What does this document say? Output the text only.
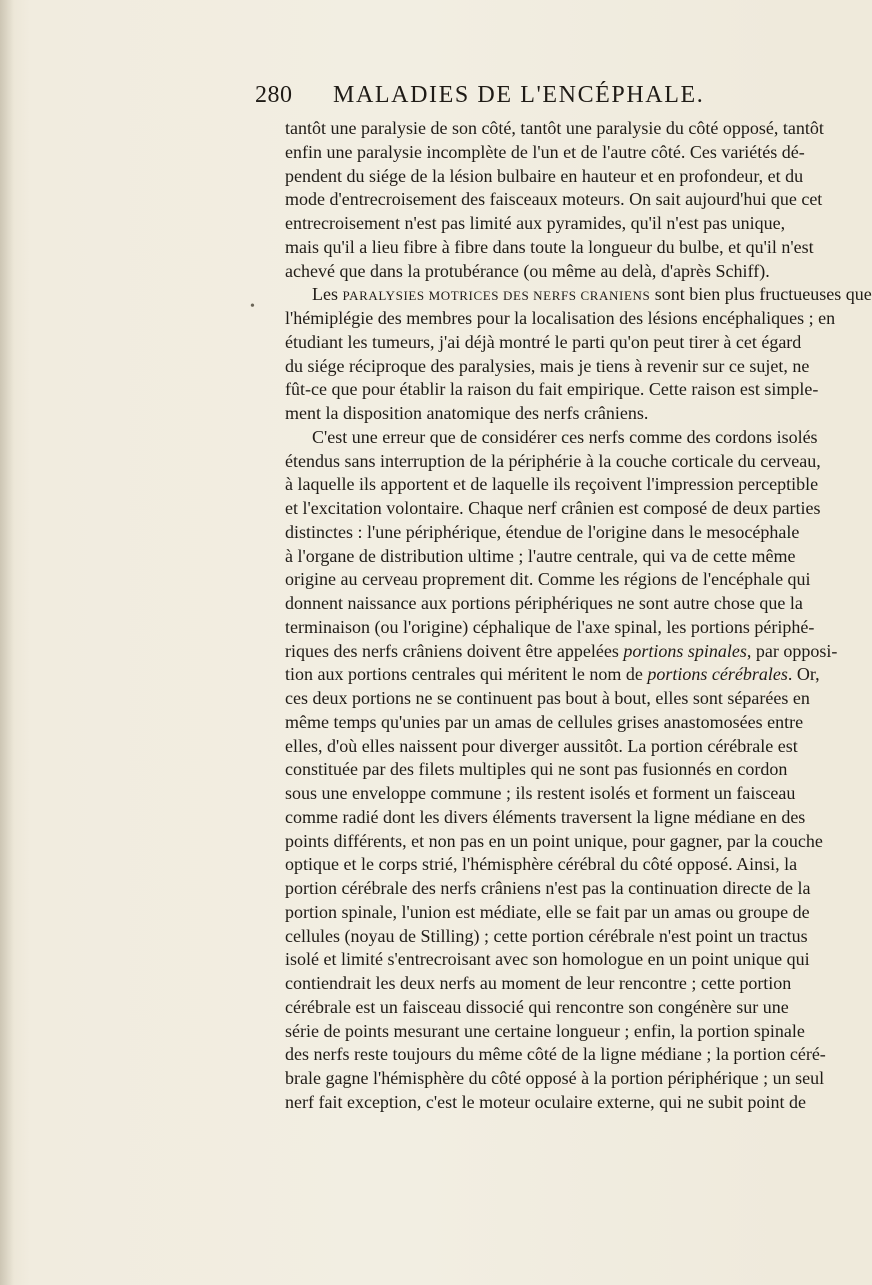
280 MALADIES DE L'ENCÉPHALE.
•
tantôt une paralysie de son côté, tantôt une paralysie du côté opposé, tantôt
enfin une paralysie incomplète de l'un et de l'autre côté. Ces variétés dé-
pendent du siége de la lésion bulbaire en hauteur et en profondeur, et du
mode d'entrecroisement des faisceaux moteurs. On sait aujourd'hui que cet
entrecroisement n'est pas limité aux pyramides, qu'il n'est pas unique,
mais qu'il a lieu fibre à fibre dans toute la longueur du bulbe, et qu'il n'est
achevé que dans la protubérance (ou même au delà, d'après Schiff).
Les PARALYSIES MOTRICES DES NERFS CRANIENS sont bien plus fructueuses que
l'hémiplégie des membres pour la localisation des lésions encéphaliques ; en
étudiant les tumeurs, j'ai déjà montré le parti qu'on peut tirer à cet égard
du siége réciproque des paralysies, mais je tiens à revenir sur ce sujet, ne
fût-ce que pour établir la raison du fait empirique. Cette raison est simple-
ment la disposition anatomique des nerfs crâniens.
C'est une erreur que de considérer ces nerfs comme des cordons isolés
étendus sans interruption de la périphérie à la couche corticale du cerveau,
à laquelle ils apportent et de laquelle ils reçoivent l'impression perceptible
et l'excitation volontaire. Chaque nerf crânien est composé de deux parties
distinctes : l'une périphérique, étendue de l'origine dans le mesocéphale
à l'organe de distribution ultime ; l'autre centrale, qui va de cette même
origine au cerveau proprement dit. Comme les régions de l'encéphale qui
donnent naissance aux portions périphériques ne sont autre chose que la
terminaison (ou l'origine) céphalique de l'axe spinal, les portions périphé-
riques des nerfs crâniens doivent être appelées portions spinales, par opposi-
tion aux portions centrales qui méritent le nom de portions cérébrales. Or,
ces deux portions ne se continuent pas bout à bout, elles sont séparées en
même temps qu'unies par un amas de cellules grises anastomosées entre
elles, d'où elles naissent pour diverger aussitôt. La portion cérébrale est
constituée par des filets multiples qui ne sont pas fusionnés en cordon
sous une enveloppe commune ; ils restent isolés et forment un faisceau
comme radié dont les divers éléments traversent la ligne médiane en des
points différents, et non pas en un point unique, pour gagner, par la couche
optique et le corps strié, l'hémisphère cérébral du côté opposé. Ainsi, la
portion cérébrale des nerfs crâniens n'est pas la continuation directe de la
portion spinale, l'union est médiate, elle se fait par un amas ou groupe de
cellules (noyau de Stilling) ; cette portion cérébrale n'est point un tractus
isolé et limité s'entrecroisant avec son homologue en un point unique qui
contiendrait les deux nerfs au moment de leur rencontre ; cette portion
cérébrale est un faisceau dissocié qui rencontre son congénère sur une
série de points mesurant une certaine longueur ; enfin, la portion spinale
des nerfs reste toujours du même côté de la ligne médiane ; la portion céré-
brale gagne l'hémisphère du côté opposé à la portion périphérique ; un seul
nerf fait exception, c'est le moteur oculaire externe, qui ne subit point de
